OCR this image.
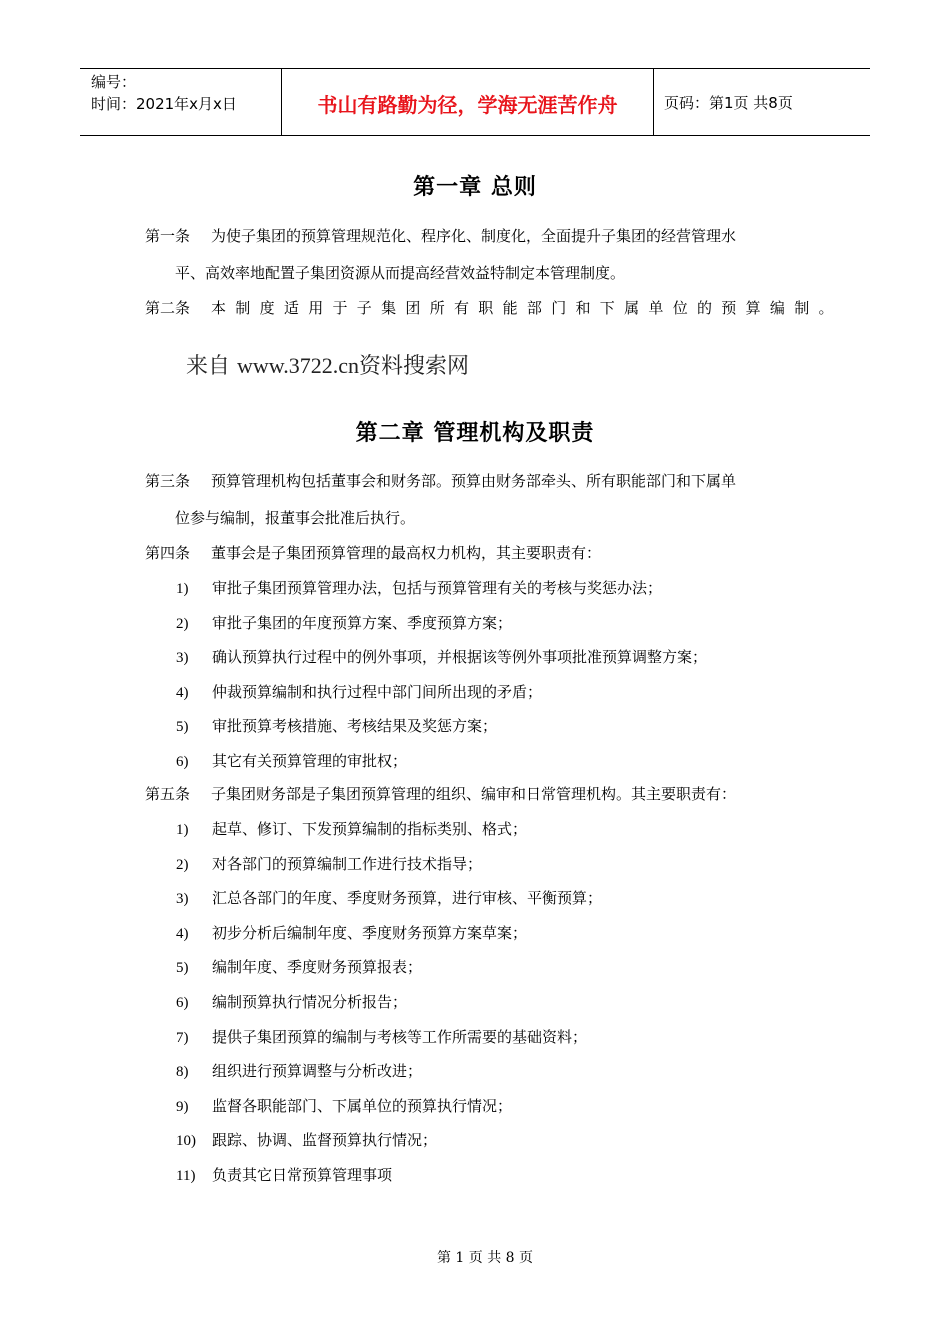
编号：
时间：2021年x月x日	书山有路勤为径，学海无涯苦作舟	页码：第1页 共8页
第一章 总则
第一条 为使子集团的预算管理规范化、程序化、制度化，全面提升子集团的经营管理水
平、高效率地配置子集团资源从而提高经营效益特制定本管理制度。
第二条 本制度适用于子集团所有职能部门和下属单位的预算编制。
来自 www.3722.cn资料搜索网
第二章 管理机构及职责
第三条 预算管理机构包括董事会和财务部。预算由财务部牵头、所有职能部门和下属单
位参与编制，报董事会批准后执行。
第四条 董事会是子集团预算管理的最高权力机构，其主要职责有：
1) 审批子集团预算管理办法，包括与预算管理有关的考核与奖惩办法；
2) 审批子集团的年度预算方案、季度预算方案；
3) 确认预算执行过程中的例外事项，并根据该等例外事项批准预算调整方案；
4) 仲裁预算编制和执行过程中部门间所出现的矛盾；
5) 审批预算考核措施、考核结果及奖惩方案；
6) 其它有关预算管理的审批权；
第五条 子集团财务部是子集团预算管理的组织、编审和日常管理机构。其主要职责有：
1) 起草、修订、下发预算编制的指标类别、格式；
2) 对各部门的预算编制工作进行技术指导；
3) 汇总各部门的年度、季度财务预算，进行审核、平衡预算；
4) 初步分析后编制年度、季度财务预算方案草案；
5) 编制年度、季度财务预算报表；
6) 编制预算执行情况分析报告；
7) 提供子集团预算的编制与考核等工作所需要的基础资料；
8) 组织进行预算调整与分析改进；
9) 监督各职能部门、下属单位的预算执行情况；
10) 跟踪、协调、监督预算执行情况；
11) 负责其它日常预算管理事项
第 1 页 共 8 页
